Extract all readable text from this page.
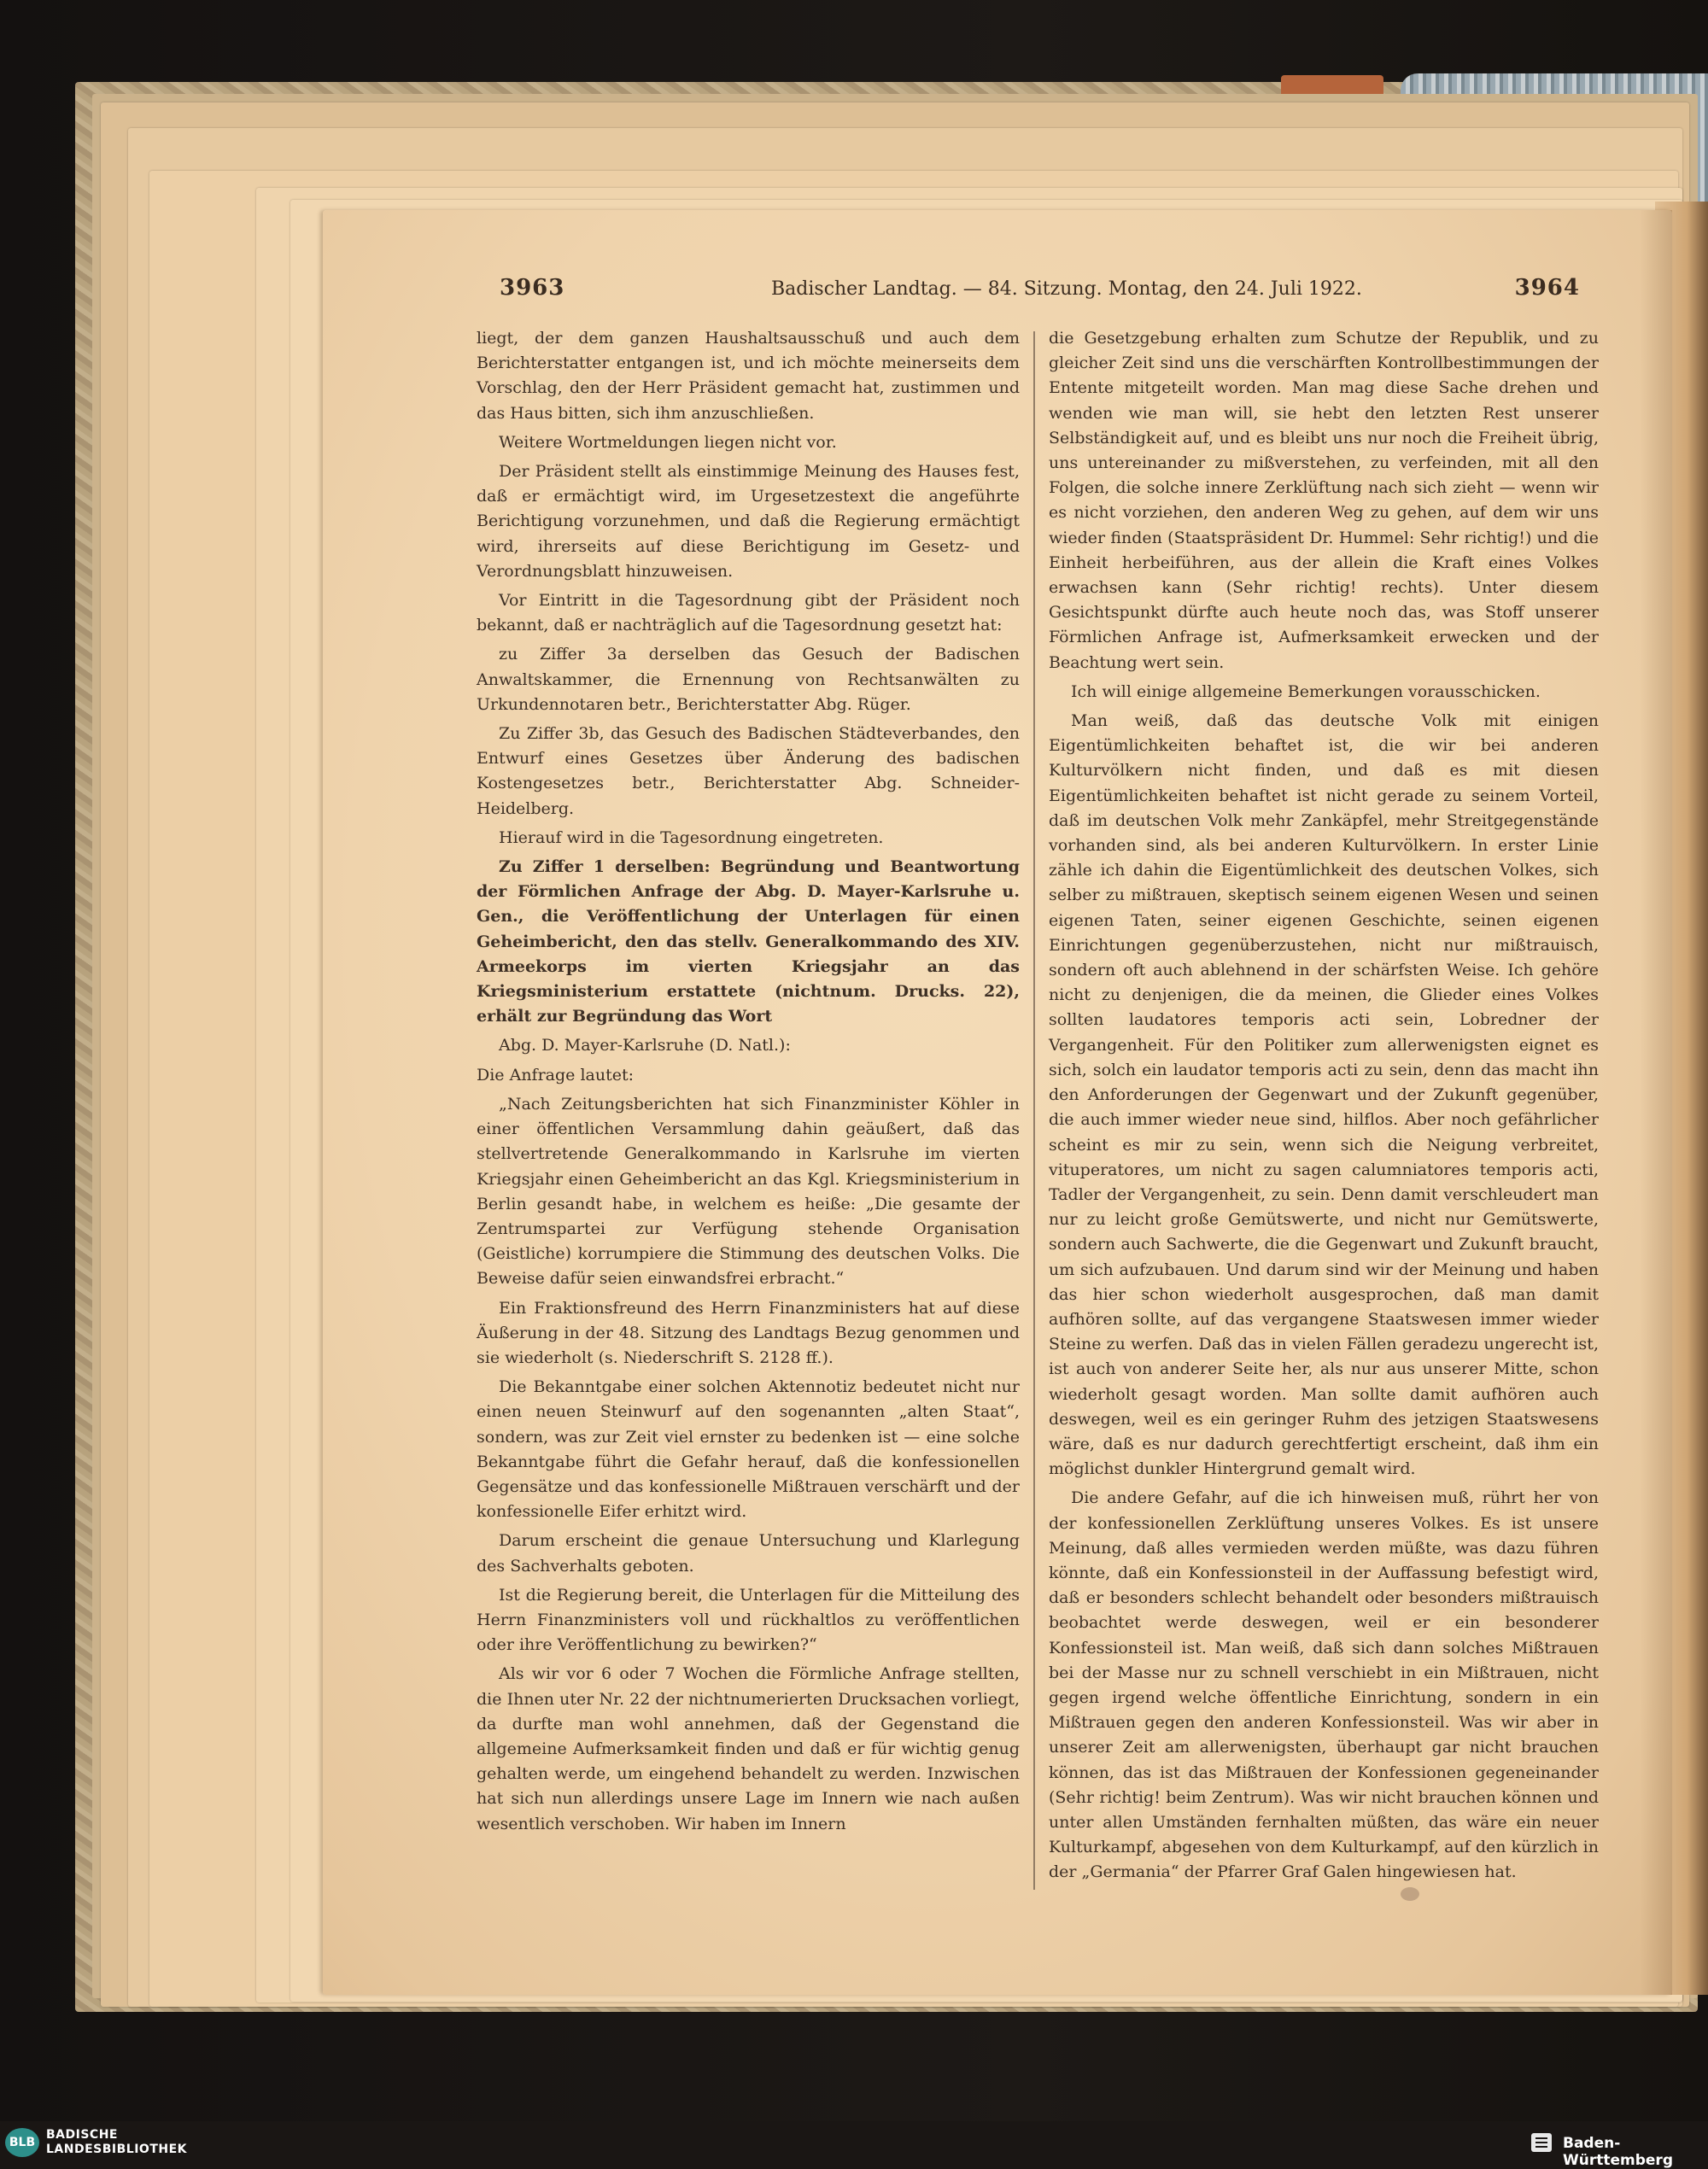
3963	Badischer Landtag. — 84. Sitzung. Montag, den 24. Juli 1922.	3964

liegt, der dem ganzen Haushaltsausschuß und auch dem Berichterstatter entgangen ist, und ich möchte meinerseits dem Vorschlag, den der Herr Präsident gemacht hat, zustimmen und das Haus bitten, sich ihm anzuschließen.

Weitere Wortmeldungen liegen nicht vor.

Der Präsident stellt als einstimmige Meinung des Hauses fest, daß er ermächtigt wird, im Urgesetzestext die angeführte Berichtigung vorzunehmen, und daß die Regierung ermächtigt wird, ihrerseits auf diese Berichtigung im Gesetz- und Verordnungsblatt hinzuweisen.

Vor Eintritt in die Tagesordnung gibt der Präsident noch bekannt, daß er nachträglich auf die Tagesordnung gesetzt hat:

zu Ziffer 3a derselben das Gesuch der Badischen Anwaltskammer, die Ernennung von Rechtsanwälten zu Urkundennotaren betr., Berichterstatter Abg. Rüger.

Zu Ziffer 3b, das Gesuch des Badischen Städteverbandes, den Entwurf eines Gesetzes über Änderung des badischen Kostengesetzes betr., Berichterstatter Abg. Schneider-Heidelberg.

Hierauf wird in die Tagesordnung eingetreten.

Zu Ziffer 1 derselben: Begründung und Beantwortung der Förmlichen Anfrage der Abg. D. Mayer-Karlsruhe u. Gen., die Veröffentlichung der Unterlagen für einen Geheimbericht, den das stellv. Generalkommando des XIV. Armeekorps im vierten Kriegsjahr an das Kriegsministerium erstattete (nichtnum. Drucks. 22), erhält zur Begründung das Wort

Abg. D. Mayer-Karlsruhe (D. Natl.):

Die Anfrage lautet:

„Nach Zeitungsberichten hat sich Finanzminister Köhler in einer öffentlichen Versammlung dahin geäußert, daß das stellvertretende Generalkommando in Karlsruhe im vierten Kriegsjahr einen Geheimbericht an das Kgl. Kriegsministerium in Berlin gesandt habe, in welchem es heiße: „Die gesamte der Zentrumspartei zur Verfügung stehende Organisation (Geistliche) korrumpiere die Stimmung des deutschen Volks. Die Beweise dafür seien einwandsfrei erbracht.“

Ein Fraktionsfreund des Herrn Finanzministers hat auf diese Äußerung in der 48. Sitzung des Landtags Bezug genommen und sie wiederholt (s. Niederschrift S. 2128 ff.).

Die Bekanntgabe einer solchen Aktennotiz bedeutet nicht nur einen neuen Steinwurf auf den sogenannten „alten Staat“, sondern, was zur Zeit viel ernster zu bedenken ist — eine solche Bekanntgabe führt die Gefahr herauf, daß die konfessionellen Gegensätze und das konfessionelle Mißtrauen verschärft und der konfessionelle Eifer erhitzt wird.

Darum erscheint die genaue Untersuchung und Klarlegung des Sachverhalts geboten.

Ist die Regierung bereit, die Unterlagen für die Mitteilung des Herrn Finanzministers voll und rückhaltlos zu veröffentlichen oder ihre Veröffentlichung zu bewirken?“

Als wir vor 6 oder 7 Wochen die Förmliche Anfrage stellten, die Ihnen uter Nr. 22 der nichtnumerierten Drucksachen vorliegt, da durfte man wohl annehmen, daß der Gegenstand die allgemeine Aufmerksamkeit finden und daß er für wichtig genug gehalten werde, um eingehend behandelt zu werden. Inzwischen hat sich nun allerdings unsere Lage im Innern wie nach außen wesentlich verschoben. Wir haben im Innern

die Gesetzgebung erhalten zum Schutze der Republik, und zu gleicher Zeit sind uns die verschärften Kontrollbestimmungen der Entente mitgeteilt worden. Man mag diese Sache drehen und wenden wie man will, sie hebt den letzten Rest unserer Selbständigkeit auf, und es bleibt uns nur noch die Freiheit übrig, uns untereinander zu mißverstehen, zu verfeinden, mit all den Folgen, die solche innere Zerklüftung nach sich zieht — wenn wir es nicht vorziehen, den anderen Weg zu gehen, auf dem wir uns wieder finden (Staatspräsident Dr. Hummel: Sehr richtig!) und die Einheit herbeiführen, aus der allein die Kraft eines Volkes erwachsen kann (Sehr richtig! rechts). Unter diesem Gesichtspunkt dürfte auch heute noch das, was Stoff unserer Förmlichen Anfrage ist, Aufmerksamkeit erwecken und der Beachtung wert sein.

Ich will einige allgemeine Bemerkungen vorausschicken.

Man weiß, daß das deutsche Volk mit einigen Eigentümlichkeiten behaftet ist, die wir bei anderen Kulturvölkern nicht finden, und daß es mit diesen Eigentümlichkeiten behaftet ist nicht gerade zu seinem Vorteil, daß im deutschen Volk mehr Zankäpfel, mehr Streitgegenstände vorhanden sind, als bei anderen Kulturvölkern. In erster Linie zähle ich dahin die Eigentümlichkeit des deutschen Volkes, sich selber zu mißtrauen, skeptisch seinem eigenen Wesen und seinen eigenen Taten, seiner eigenen Geschichte, seinen eigenen Einrichtungen gegenüberzustehen, nicht nur mißtrauisch, sondern oft auch ablehnend in der schärfsten Weise. Ich gehöre nicht zu denjenigen, die da meinen, die Glieder eines Volkes sollten laudatores temporis acti sein, Lobredner der Vergangenheit. Für den Politiker zum allerwenigsten eignet es sich, solch ein laudator temporis acti zu sein, denn das macht ihn den Anforderungen der Gegenwart und der Zukunft gegenüber, die auch immer wieder neue sind, hilflos. Aber noch gefährlicher scheint es mir zu sein, wenn sich die Neigung verbreitet, vituperatores, um nicht zu sagen calumniatores temporis acti, Tadler der Vergangenheit, zu sein. Denn damit verschleudert man nur zu leicht große Gemütswerte, und nicht nur Gemütswerte, sondern auch Sachwerte, die die Gegenwart und Zukunft braucht, um sich aufzubauen. Und darum sind wir der Meinung und haben das hier schon wiederholt ausgesprochen, daß man damit aufhören sollte, auf das vergangene Staatswesen immer wieder Steine zu werfen. Daß das in vielen Fällen geradezu ungerecht ist, ist auch von anderer Seite her, als nur aus unserer Mitte, schon wiederholt gesagt worden. Man sollte damit aufhören auch deswegen, weil es ein geringer Ruhm des jetzigen Staatswesens wäre, daß es nur dadurch gerechtfertigt erscheint, daß ihm ein möglichst dunkler Hintergrund gemalt wird.

Die andere Gefahr, auf die ich hinweisen muß, rührt her von der konfessionellen Zerklüftung unseres Volkes. Es ist unsere Meinung, daß alles vermieden werden müßte, was dazu führen könnte, daß ein Konfessionsteil in der Auffassung befestigt wird, daß er besonders schlecht behandelt oder besonders mißtrauisch beobachtet werde deswegen, weil er ein besonderer Konfessionsteil ist. Man weiß, daß sich dann solches Mißtrauen bei der Masse nur zu schnell verschiebt in ein Mißtrauen, nicht gegen irgend welche öffentliche Einrichtung, sondern in ein Mißtrauen gegen den anderen Konfessionsteil. Was wir aber in unserer Zeit am allerwenigsten, überhaupt gar nicht brauchen können, das ist das Mißtrauen der Konfessionen gegeneinander (Sehr richtig! beim Zentrum). Was wir nicht brauchen können und unter allen Umständen fernhalten müßten, das wäre ein neuer Kulturkampf, abgesehen von dem Kulturkampf, auf den kürzlich in der „Germania“ der Pfarrer Graf Galen hingewiesen hat.

BLB
BADISCHE
LANDESBIBLIOTHEK	Baden-Württemberg
